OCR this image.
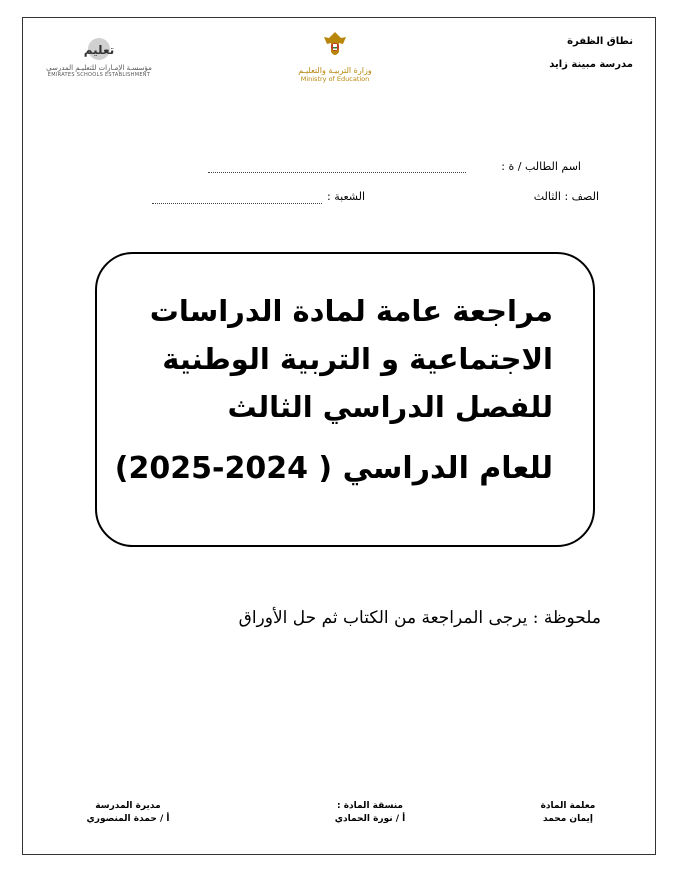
نطاق الظفرة
مدرسة مبينة زايد
وزارة التربيـة والتعليـم
Ministry of Education
تعليم
مؤسسـة الإمـارات للتعليـم المدرسي
EMIRATES SCHOOLS ESTABLISHMENT
اسم الطالب / ة :
الصف : الثالث
الشعبة :
مراجعة عامة لمادة الدراسات
الاجتماعية و التربية الوطنية
للفصل الدراسي الثالث
للعام الدراسي ( 2024-2025)
ملحوظة : يرجى المراجعة من الكتاب ثم حل الأوراق
معلمة المادة
إيمان محمد
منسقة المادة :
أ / نورة الحمادي
مديرة المدرسة
أ / حمدة المنصوري
